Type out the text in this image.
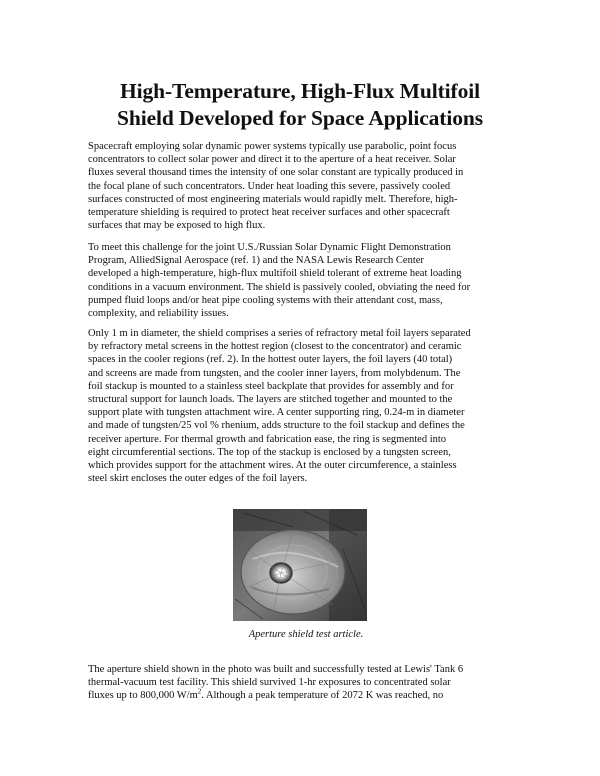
High-Temperature, High-Flux Multifoil
Shield Developed for Space Applications
Spacecraft employing solar dynamic power systems typically use parabolic, point focus
concentrators to collect solar power and direct it to the aperture of a heat receiver. Solar
fluxes several thousand times the intensity of one solar constant are typically produced in
the focal plane of such concentrators. Under heat loading this severe, passively cooled
surfaces constructed of most engineering materials would rapidly melt. Therefore, high-
temperature shielding is required to protect heat receiver surfaces and other spacecraft
surfaces that may be exposed to high flux.
To meet this challenge for the joint U.S./Russian Solar Dynamic Flight Demonstration
Program, AlliedSignal Aerospace (ref. 1) and the NASA Lewis Research Center
developed a high-temperature, high-flux multifoil shield tolerant of extreme heat loading
conditions in a vacuum environment. The shield is passively cooled, obviating the need for
pumped fluid loops and/or heat pipe cooling systems with their attendant cost, mass,
complexity, and reliability issues.
Only 1 m in diameter, the shield comprises a series of refractory metal foil layers separated
by refractory metal screens in the hottest region (closest to the concentrator) and ceramic
spaces in the cooler regions (ref. 2). In the hottest outer layers, the foil layers (40 total)
and screens are made from tungsten, and the cooler inner layers, from molybdenum. The
foil stackup is mounted to a stainless steel backplate that provides for assembly and for
structural support for launch loads. The layers are stitched together and mounted to the
support plate with tungsten attachment wire. A center supporting ring, 0.24-m in diameter
and made of tungsten/25 vol % rhenium, adds structure to the foil stackup and defines the
receiver aperture. For thermal growth and fabrication ease, the ring is segmented into
eight circumferential sections. The top of the stackup is enclosed by a tungsten screen,
which provides support for the attachment wires. At the outer circumference, a stainless
steel skirt encloses the outer edges of the foil layers.

Aperture shield test article.

The aperture shield shown in the photo was built and successfully tested at Lewis' Tank 6
thermal-vacuum test facility. This shield survived 1-hr exposures to concentrated solar
fluxes up to 800,000 $W/m^2$. Although a peak temperature of 2072 K was reached, no
